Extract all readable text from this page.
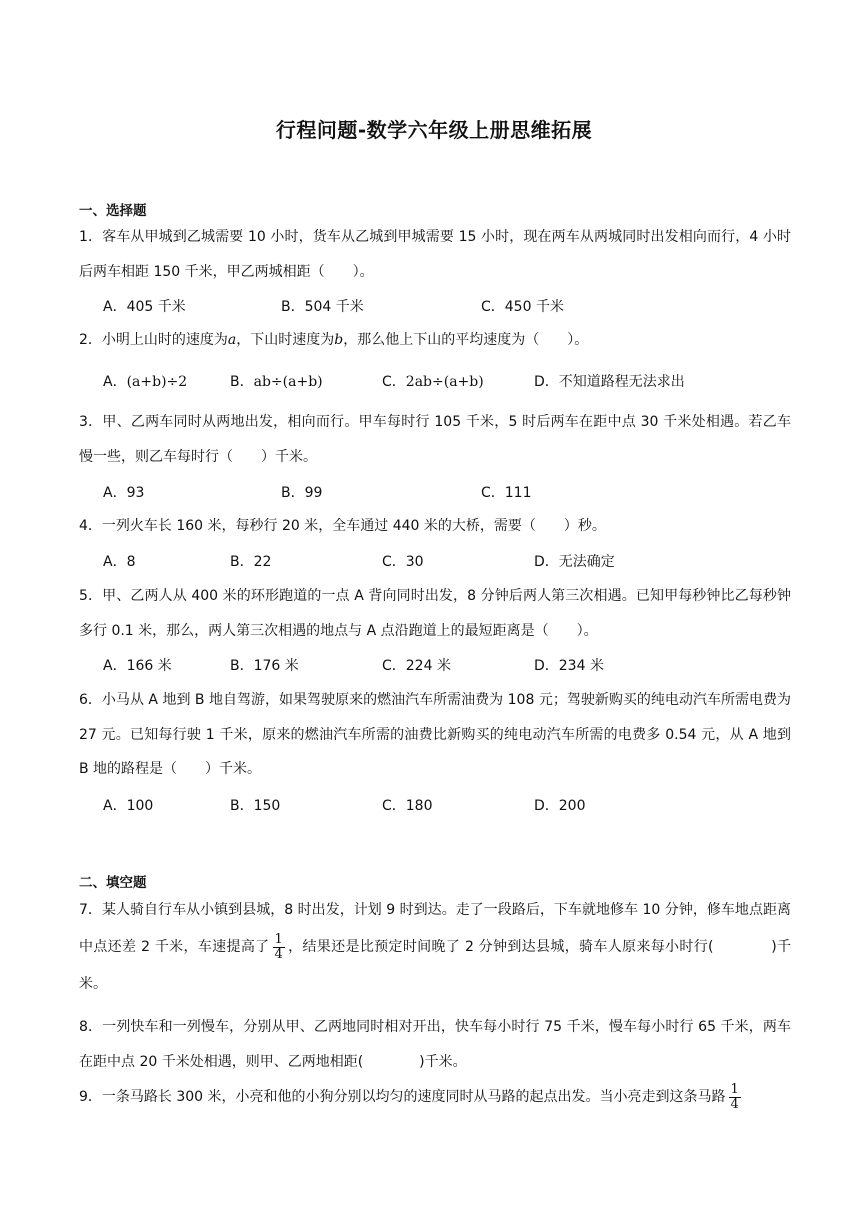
行程问题-数学六年级上册思维拓展
一、选择题
1．客车从甲城到乙城需要 10 小时，货车从乙城到甲城需要 15 小时，现在两车从两城同时出发相向而行，4 小时后两车相距 150 千米，甲乙两城相距（　　）。
A．405 千米	B．504 千米	C．450 千米
2．小明上山时的速度为a，下山时速度为b，那么他上下山的平均速度为（　　）。
A．(a+b)÷2	B．ab÷(a+b)	C．2ab÷(a+b)	D．不知道路程无法求出
3．甲、乙两车同时从两地出发，相向而行。甲车每时行 105 千米，5 时后两车在距中点 30 千米处相遇。若乙车慢一些，则乙车每时行（　　）千米。
A．93	B．99	C．111
4．一列火车长 160 米，每秒行 20 米，全车通过 440 米的大桥，需要（　　）秒。
A．8	B．22	C．30	D．无法确定
5．甲、乙两人从 400 米的环形跑道的一点 A 背向同时出发，8 分钟后两人第三次相遇。已知甲每秒钟比乙每秒钟多行 0.1 米，那么，两人第三次相遇的地点与 A 点沿跑道上的最短距离是（　　）。
A．166 米	B．176 米	C．224 米	D．234 米
6．小马从 A 地到 B 地自驾游，如果驾驶原来的燃油汽车所需油费为 108 元；驾驶新购买的纯电动汽车所需电费为 27 元。已知每行驶 1 千米，原来的燃油汽车所需的油费比新购买的纯电动汽车所需的电费多 0.54 元，从 A 地到 B 地的路程是（　　）千米。
A．100	B．150	C．180	D．200
二、填空题
7．某人骑自行车从小镇到县城，8 时出发，计划 9 时到达。走了一段路后，下车就地修车 10 分钟，修车地点距离中点还差 2 千米，车速提高了 $\frac{1}{4}$ ，结果还是比预定时间晚了 2 分钟到达县城，骑车人原来每小时行(　　　　)千米。
8．一列快车和一列慢车，分别从甲、乙两地同时相对开出，快车每小时行 75 千米，慢车每小时行 65 千米，两车在距中点 20 千米处相遇，则甲、乙两地相距(　　　　)千米。
9．一条马路长 300 米，小亮和他的小狗分别以均匀的速度同时从马路的起点出发。当小亮走到这条马路 $\frac{1}{4}$
